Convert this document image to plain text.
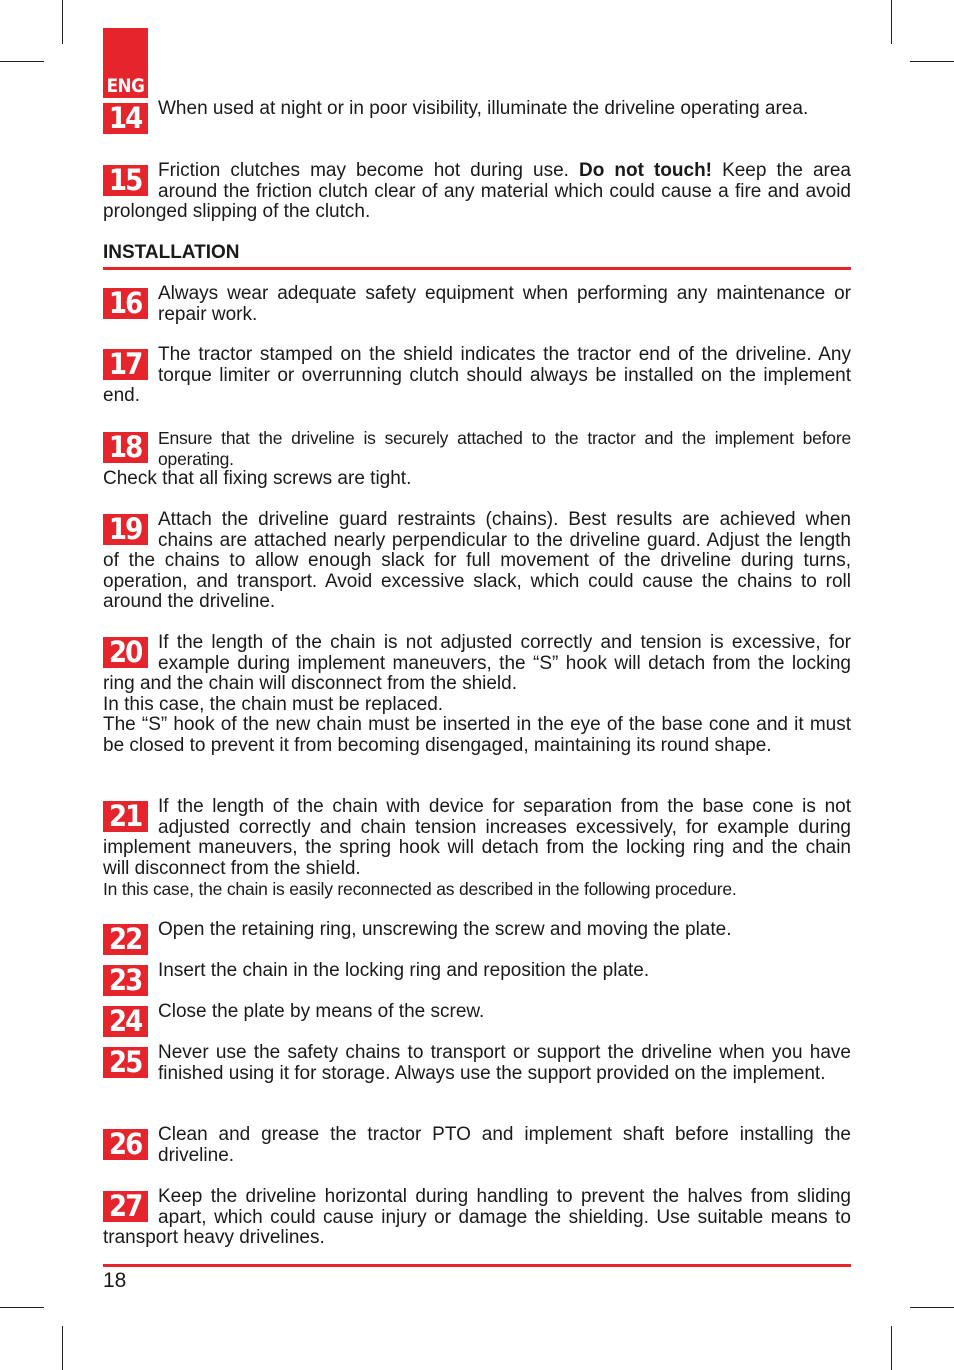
ENG
14 When used at night or in poor visibility, illuminate the driveline operating area.

15 Friction clutches may become hot during use. Do not touch! Keep the area around the friction clutch clear of any material which could cause a fire and avoid prolonged slipping of the clutch.

INSTALLATION
16 Always wear adequate safety equipment when performing any maintenance or repair work.

17 The tractor stamped on the shield indicates the tractor end of the driveline. Any torque limiter or overrunning clutch should always be installed on the implement end.

18 Ensure that the driveline is securely attached to the tractor and the implement before operating.

Check that all fixing screws are tight.

19 Attach the driveline guard restraints (chains). Best results are achieved when chains are attached nearly perpendicular to the driveline guard. Adjust the length of the chains to allow enough slack for full movement of the driveline during turns, operation, and transport. Avoid excessive slack, which could cause the chains to roll around the driveline.

20 If the length of the chain is not adjusted correctly and tension is excessive, for example during implement maneuvers, the “S” hook will detach from the locking ring and the chain will disconnect from the shield.

In this case, the chain must be replaced.

The “S” hook of the new chain must be inserted in the eye of the base cone and it must be closed to prevent it from becoming disengaged, maintaining its round shape.

21 If the length of the chain with device for separation from the base cone is not adjusted correctly and chain tension increases excessively, for example during implement maneuvers, the spring hook will detach from the locking ring and the chain will disconnect from the shield.

In this case, the chain is easily reconnected as described in the following procedure.

22 Open the retaining ring, unscrewing the screw and moving the plate.

23 Insert the chain in the locking ring and reposition the plate.

24 Close the plate by means of the screw.

25 Never use the safety chains to transport or support the driveline when you have finished using it for storage. Always use the support provided on the implement.

26 Clean and grease the tractor PTO and implement shaft before installing the driveline.

27 Keep the driveline horizontal during handling to prevent the halves from sliding apart, which could cause injury or damage the shielding. Use suitable means to transport heavy drivelines.

18
